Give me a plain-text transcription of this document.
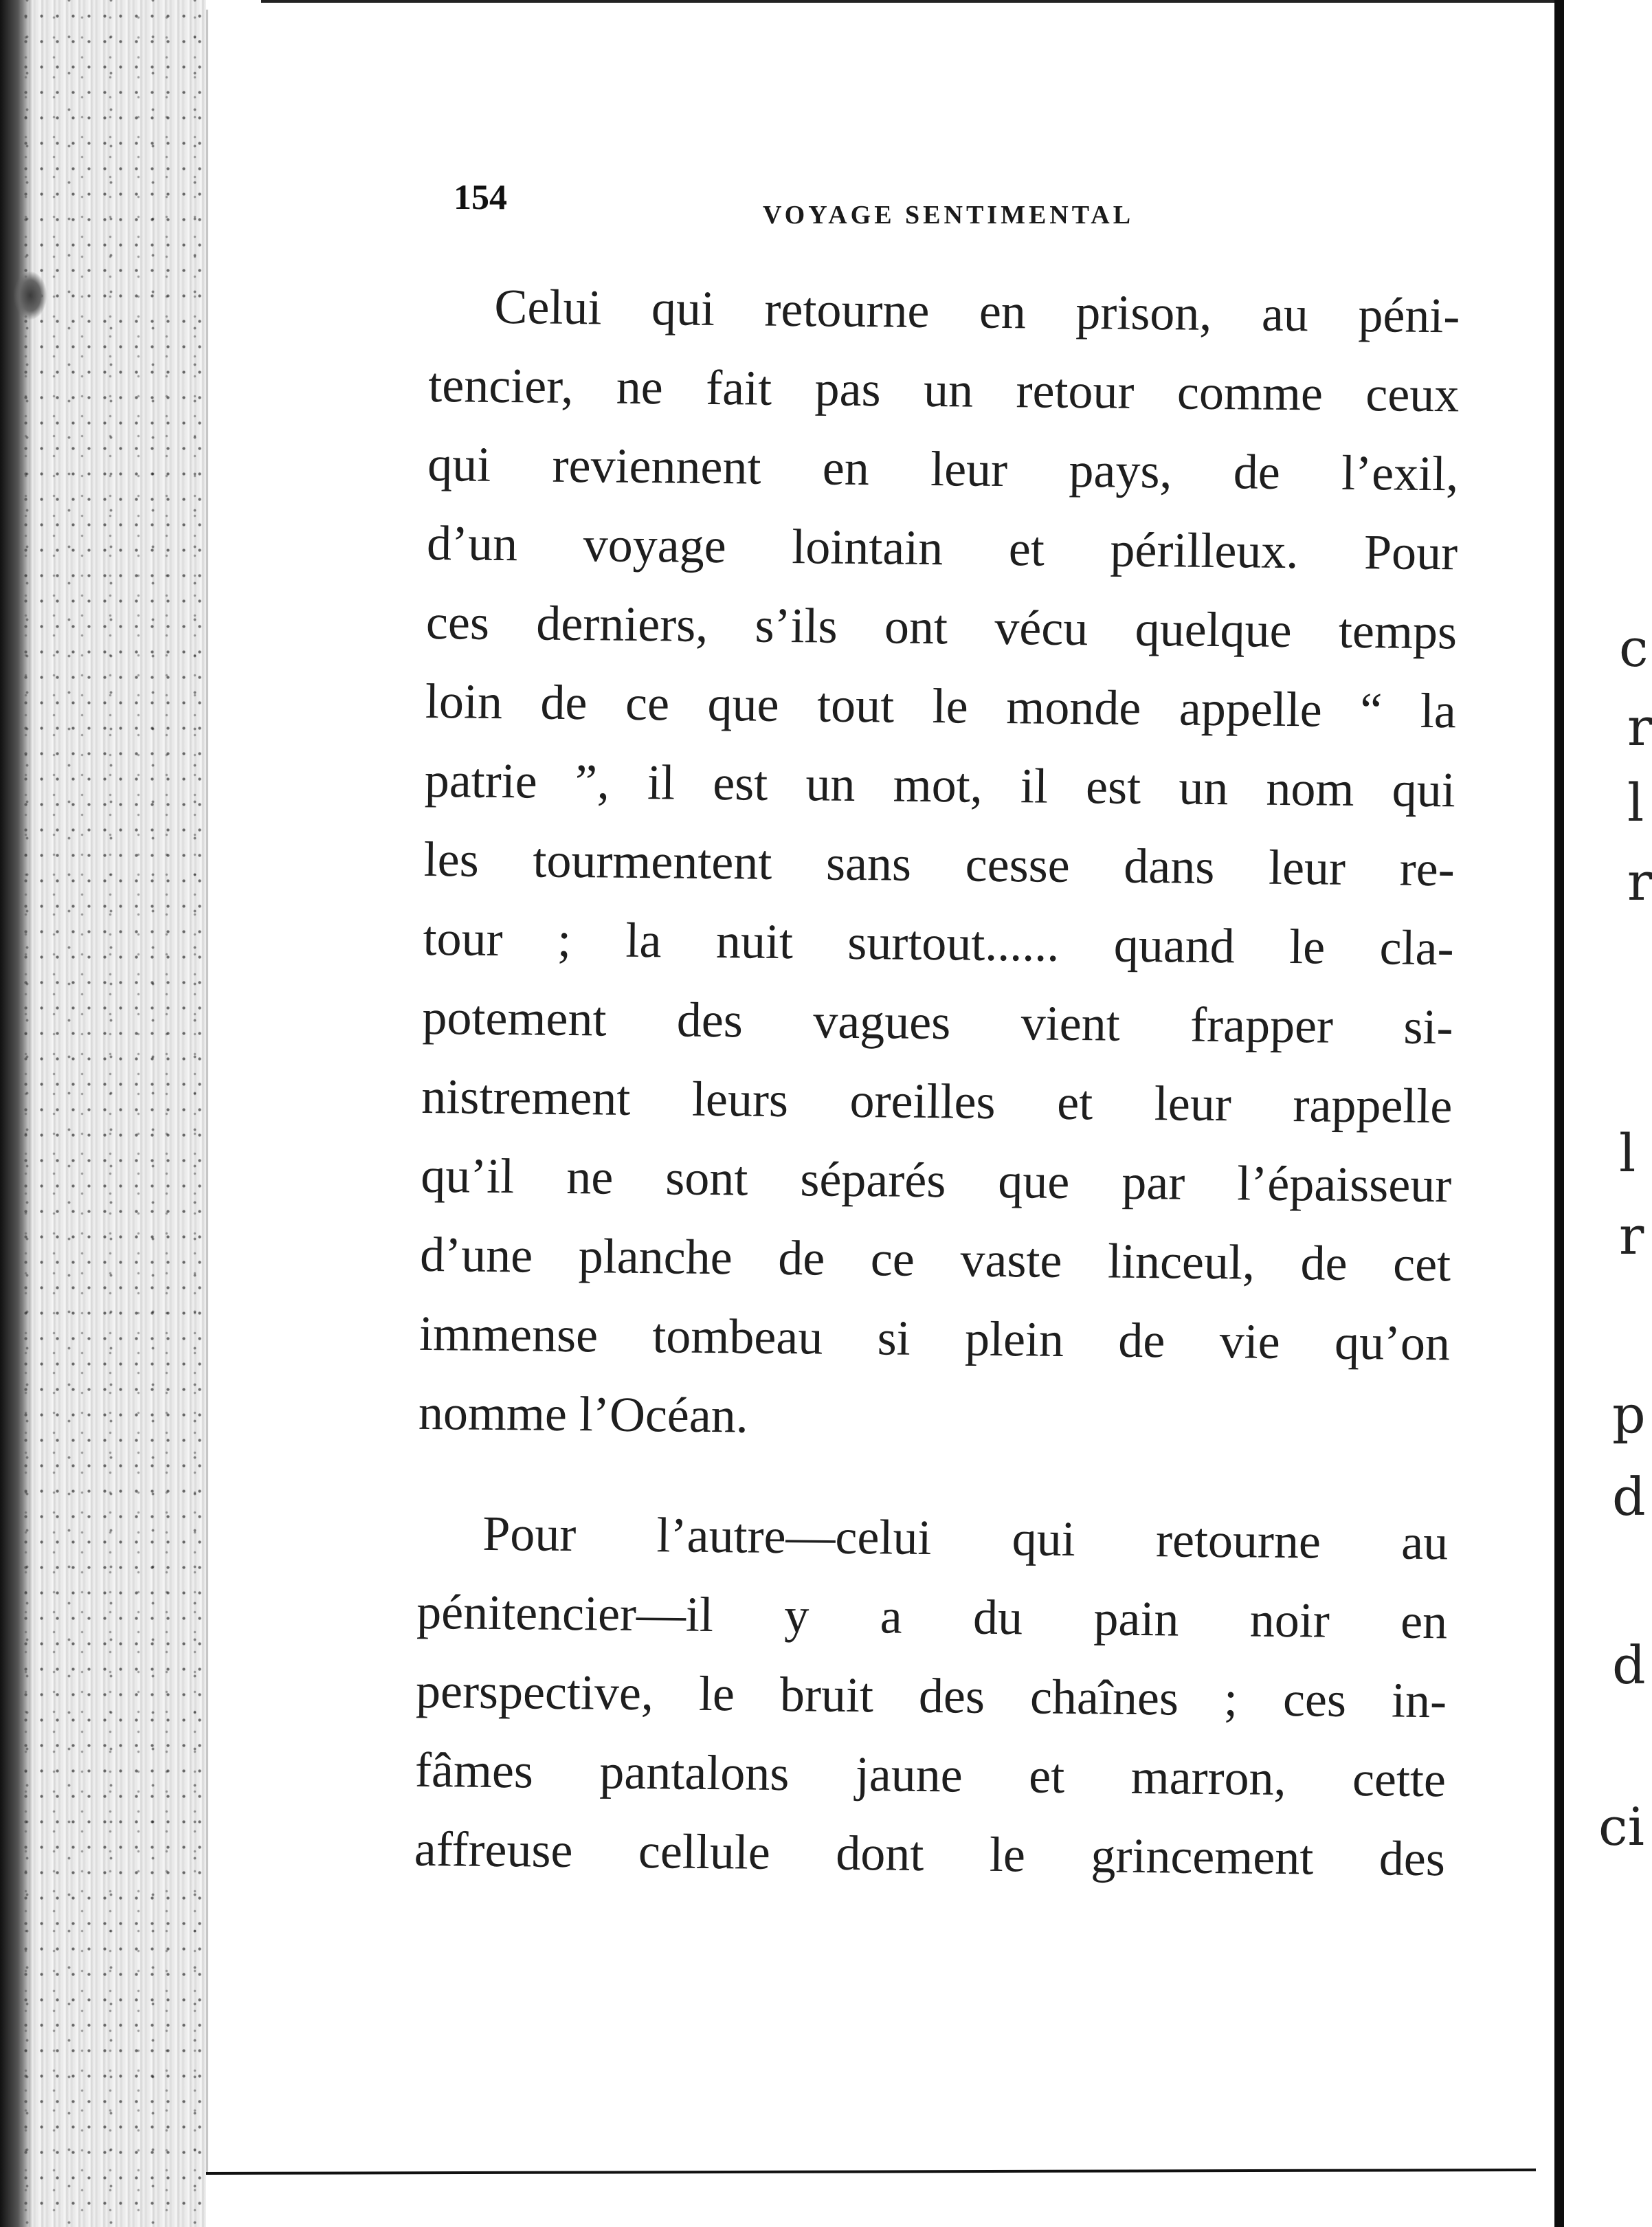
154	VOYAGE SENTIMENTAL
Celui qui retourne en prison, au péni-
tencier, ne fait pas un retour comme ceux
qui reviennent en leur pays, de l’exil,
d’un voyage lointain et périlleux. Pour
ces derniers, s’ils ont vécu quelque temps
loin de ce que tout le monde appelle “ la
patrie ”, il est un mot, il est un nom qui
les tourmentent sans cesse dans leur re-
tour ; la nuit surtout...... quand le cla-
potement des vagues vient frapper si-
nistrement leurs oreilles et leur rappelle
qu’il ne sont séparés que par l’épaisseur
d’une planche de ce vaste linceul, de cet
immense tombeau si plein de vie qu’on
nomme l’Océan.
Pour l’autre—celui qui retourne au
pénitencier—il y a du pain noir en
perspective, le bruit des chaînes ; ces in-
fâmes pantalons jaune et marron, cette
affreuse cellule dont le grincement des
c
r
l
r
l
r
p
d
d
ci
